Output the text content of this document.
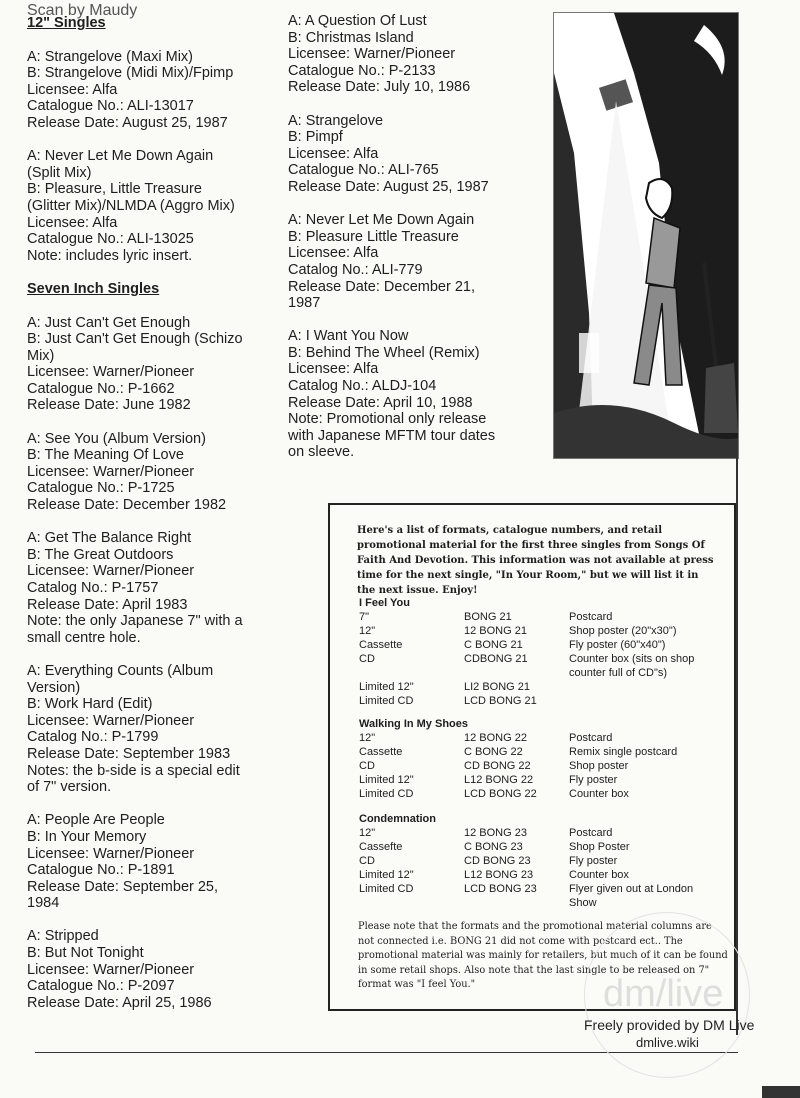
Scan by Maudy
12" Singles
A: Strangelove (Maxi Mix)
B: Strangelove (Midi Mix)/Fpimp
Licensee: Alfa
Catalogue No.: ALI-13017
Release Date: August 25, 1987
A: Never Let Me Down Again
(Split Mix)
B: Pleasure, Little Treasure
(Glitter Mix)/NLMDA (Aggro Mix)
Licensee: Alfa
Catalogue No.: ALI-13025
Note: includes lyric insert.
Seven Inch Singles
A: Just Can't Get Enough
B: Just Can't Get Enough (Schizo
Mix)
Licensee: Warner/Pioneer
Catalogue No.: P-1662
Release Date: June 1982
A: See You (Album Version)
B: The Meaning Of Love
Licensee: Warner/Pioneer
Catalogue No.: P-1725
Release Date: December 1982
A: Get The Balance Right
B: The Great Outdoors
Licensee: Warner/Pioneer
Catalog No.: P-1757
Release Date: April 1983
Note: the only Japanese 7" with a
small centre hole.
A: Everything Counts (Album
Version)
B: Work Hard (Edit)
Licensee: Warner/Pioneer
Catalog No.: P-1799
Release Date: September 1983
Notes: the b-side is a special edit
of 7" version.
A: People Are People
B: In Your Memory
Licensee: Warner/Pioneer
Catalogue No.: P-1891
Release Date: September 25,
1984
A: Stripped
B: But Not Tonight
Licensee: Warner/Pioneer
Catalogue No.: P-2097
Release Date: April 25, 1986
A: A Question Of Lust
B: Christmas Island
Licensee: Warner/Pioneer
Catalogue No.: P-2133
Release Date: July 10, 1986
A: Strangelove
B: Pimpf
Licensee: Alfa
Catalogue No.: ALI-765
Release Date: August 25, 1987
A: Never Let Me Down Again
B: Pleasure Little Treasure
Licensee: Alfa
Catalog No.: ALI-779
Release Date: December 21,
1987
A: I Want You Now
B: Behind The Wheel (Remix)
Licensee: Alfa
Catalog No.: ALDJ-104
Release Date: April 10, 1988
Note: Promotional only release
with Japanese MFTM tour dates
on sleeve.
Here's a list of formats, catalogue numbers, and retail promotional material for the first three singles from Songs Of Faith And Devotion. This information was not available at press time for the next single, "In Your Room," but we will list it in the next issue. Enjoy!
I Feel You
7"	BONG 21	Postcard
12"	12 BONG 21	Shop poster (20"x30")
Cassette	C BONG 21	Fly poster (60"x40")
CD	CDBONG 21	Counter box (sits on shop counter full of CD"s)
Limited 12"	LI2 BONG 21
Limited CD	LCD BONG 21
Walking In My Shoes
12"	12 BONG 22	Postcard
Cassette	C BONG 22	Remix single postcard
CD	CD BONG 22	Shop poster
Limited 12"	L12 BONG 22	Fly poster
Limited CD	LCD BONG 22	Counter box
Condemnation
12"	12 BONG 23	Postcard
Cassefte	C BONG 23	Shop Poster
CD	CD BONG 23	Fly poster
Limited 12"	L12 BONG 23	Counter box
Limited CD	LCD BONG 23	Flyer given out at London Show
Please note that the formats and the promotional material columns are not connected i.e. BONG 21 did not come with postcard ect.. The promotional material was mainly for retailers, but much of it can be found in some retail shops. Also note that the last single to be released on 7" format was "I feel You."	dm/live
Freely provided by DM Live
dmlive.wiki
